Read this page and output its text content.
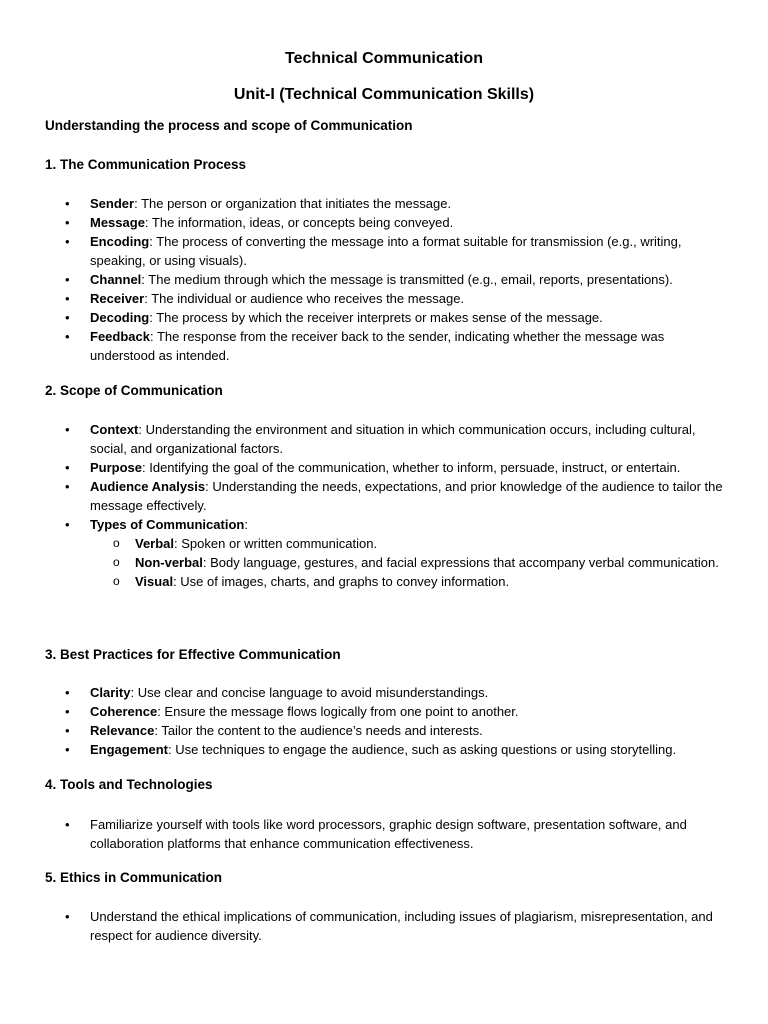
Technical Communication
Unit-I (Technical Communication Skills)
Understanding the process and scope of Communication
1. The Communication Process
• Sender: The person or organization that initiates the message.
• Message: The information, ideas, or concepts being conveyed.
• Encoding: The process of converting the message into a format suitable for transmission (e.g., writing, speaking, or using visuals).
• Channel: The medium through which the message is transmitted (e.g., email, reports, presentations).
• Receiver: The individual or audience who receives the message.
• Decoding: The process by which the receiver interprets or makes sense of the message.
• Feedback: The response from the receiver back to the sender, indicating whether the message was understood as intended.
2. Scope of Communication
• Context: Understanding the environment and situation in which communication occurs, including cultural, social, and organizational factors.
• Purpose: Identifying the goal of the communication, whether to inform, persuade, instruct, or entertain.
• Audience Analysis: Understanding the needs, expectations, and prior knowledge of the audience to tailor the message effectively.
• Types of Communication:
o Verbal: Spoken or written communication.
o Non-verbal: Body language, gestures, and facial expressions that accompany verbal communication.
o Visual: Use of images, charts, and graphs to convey information.
3. Best Practices for Effective Communication
• Clarity: Use clear and concise language to avoid misunderstandings.
• Coherence: Ensure the message flows logically from one point to another.
• Relevance: Tailor the content to the audience’s needs and interests.
• Engagement: Use techniques to engage the audience, such as asking questions or using storytelling.
4. Tools and Technologies
• Familiarize yourself with tools like word processors, graphic design software, presentation software, and collaboration platforms that enhance communication effectiveness.
5. Ethics in Communication
• Understand the ethical implications of communication, including issues of plagiarism, misrepresentation, and respect for audience diversity.
